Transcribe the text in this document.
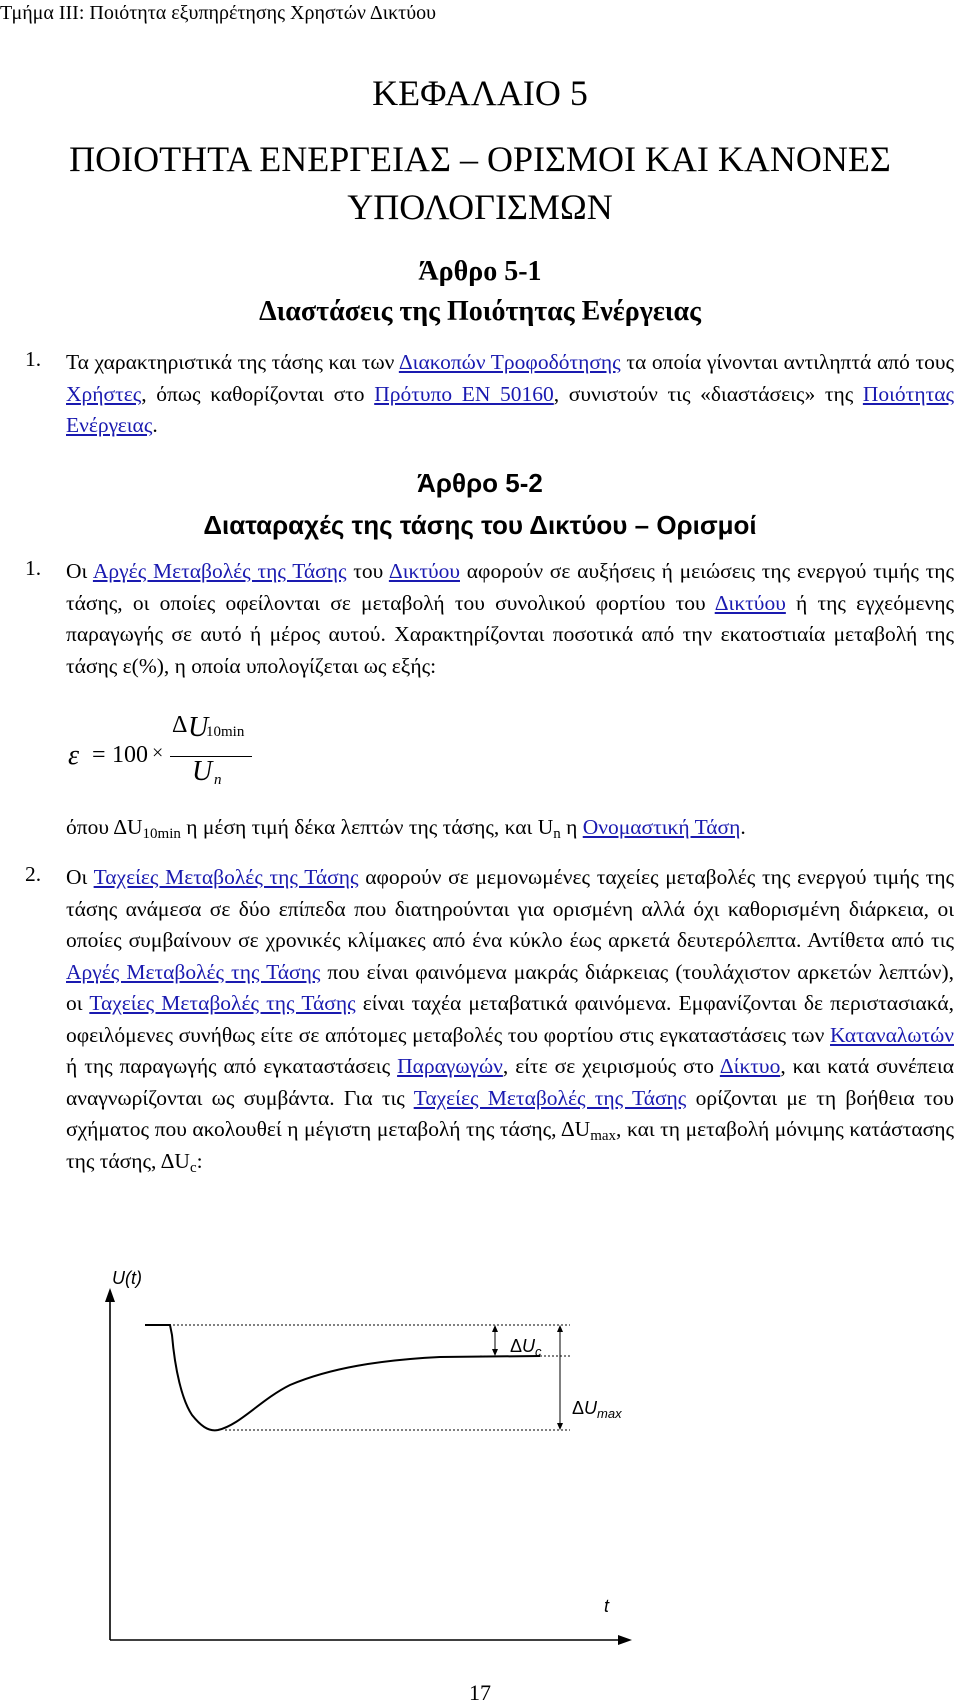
Τμήμα ΙΙΙ: Ποιότητα εξυπηρέτησης Χρηστών Δικτύου
ΚΕΦΑΛΑΙΟ 5
ΠΟΙΟΤΗΤΑ ΕΝΕΡΓΕΙΑΣ – ΟΡΙΣΜΟΙ ΚΑΙ ΚΑΝΟΝΕΣ
ΥΠΟΛΟΓΙΣΜΩΝ
Άρθρο 5-1
Διαστάσεις της Ποιότητας Ενέργειας
1. Τα χαρακτηριστικά της τάσης και των Διακοπών Τροφοδότησης τα οποία γίνονται αντιληπτά από τους Χρήστες, όπως καθορίζονται στο Πρότυπο EN 50160, συνιστούν τις «διαστάσεις» της Ποιότητας Ενέργειας.

Άρθρο 5-2
Διαταραχές της τάσης του Δικτύου – Ορισμοί
1. Οι Αργές Μεταβολές της Τάσης του Δικτύου αφορούν σε αυξήσεις ή μειώσεις της ενεργού τιμής της τάσης, οι οποίες οφείλονται σε μεταβολή του συνολικού φορτίου του Δικτύου ή της εγχεόμενης παραγωγής σε αυτό ή μέρος αυτού. Χαρακτηρίζονται ποσοτικά από την εκατοστιαία μεταβολή της τάσης ε(%), η οποία υπολογίζεται ως εξής:

ε = 100 ×
Δ U
10min
U n

όπου $\Delta U_{10min}$ η μέση τιμή δέκα λεπτών της τάσης, και $U_n$ η Ονομαστική Τάση.

2. Οι Ταχείες Μεταβολές της Τάσης αφορούν σε μεμονωμένες ταχείες μεταβολές της ενεργού τιμής της τάσης ανάμεσα σε δύο επίπεδα που διατηρούνται για ορισμένη αλλά όχι καθορισμένη διάρκεια, οι οποίες συμβαίνουν σε χρονικές κλίμακες από ένα κύκλο έως αρκετά δευτερόλεπτα. Αντίθετα από τις Αργές Μεταβολές της Τάσης που είναι φαινόμενα μακράς διάρκειας (τουλάχιστον αρκετών λεπτών), οι Ταχείες Μεταβολές της Τάσης είναι ταχέα μεταβατικά φαινόμενα. Εμφανίζονται δε περιστασιακά, οφειλόμενες συνήθως είτε σε απότομες μεταβολές του φορτίου στις εγκαταστάσεις των Καταναλωτών ή της παραγωγής από εγκαταστάσεις Παραγωγών, είτε σε χειρισμούς στο Δίκτυο, και κατά συνέπεια αναγνωρίζονται ως συμβάντα. Για τις Ταχείες Μεταβολές της Τάσης ορίζονται με τη βοήθεια του σχήματος που ακολουθεί η μέγιστη μεταβολή της τάσης, $\Delta U_{max}$, και τη μεταβολή μόνιμης κατάστασης της τάσης, $\Delta U_c$:

U(t)
t
$\Delta U_c$
$\Delta U_{max}$
17
